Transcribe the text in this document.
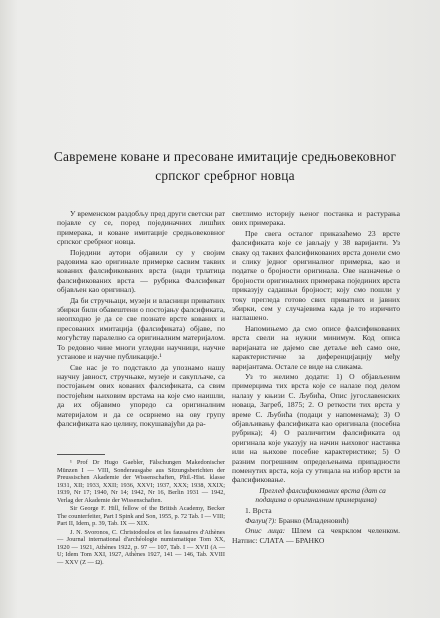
Савремене коване и пресоване имитације средњовековног
српског сребрног новца

У временском раздобљу пред други светски рат појавле су се, поред појединачних лишћих примерака, и коване имитације средњовековног српског сребрног новца.

Поједини аутори објавили су у својим радовима као оригинале примерке сасвим таквих кованих фалсификованих врста (нади трлатица фалсификованих врста — рубрика Фалсификат објављен као оригинал).

Да би стручњаци, музеји и власници приватних збирки били обавештени о постојању фалсификата, неопходно је да се све познате врсте кованих и пресованих имитација (фалсификата) објаве, по могућству паралелно са оригиналним материјалом. То редовно чине многи угледни научници, научне установе и научне публикације.¹

Све нас је то подстакло да упознамо нашу научну јавност, стручњаке, музеје и сакупљаче, са постојањем ових кованих фалсификата, са свим постојећим њиховим врстама на које смо наишли, да их објавимо упоредо са оригиналним материјалом и да се осврнемо на ову групу фалсификата као целину, покушавајући да ра-

¹ Prof Dr Hugo Gaebler, Fälschungen Makedonischer Münzen I — VIII, Sonderausgabe aus Sitzungsberichten der Preussischen Akademie der Wissenschaften, Phil.-Hist. klasse 1931, XII; 1933, XXII; 1936, XXVI; 1937, XXX; 1938, XXIX; 1939, Nr 17; 1940, Nr 14; 1942, Nr 16, Berlin 1931 — 1942, Verlag der Akademie der Wissenschaften.

Sir George F. Hill, fellow of the British Academy, Becker The counterfeiter, Part I Spink and Son, 1955, p. 72 Tab. I — VIII; Part II, Idem, p. 39, Tab. IX — XIX.

J. N. Svoronos, C. Christodoulos et les faussaires d'Athènes — Journal international d'archéologie numismatique Tom XX, 1920 — 1921, Athènes 1922, p. 97 — 107, Tab. I — XVII (A — U; Idem Tom XXI, 1927, Athènes 1927, 141 — 146, Tab. XVIII — XXV (Z — Ω).

светлимо историју њеног постанка и растурања ових примерака.

Пре свега осталог приказаћемо 23 врсте фалсификата које се јављају у 38 варијанти. Уз сваку од таквих фалсификованих врста донели смо и слику једног оригиналног примерка, као и податке о бројности оригинала. Ове назначење о бројности оригиналних примерака појединих врста приказују садашњи бројност; коју смо пошли у току прегледа готово свих приватних и јавних збирки, сем у случајевима када је то изричито наглашено.

Напомињемо да смо описе фалсификованих врста свели на нужни минимум. Код описа варијаната не дајемо све детаље већ само оне, карактеристичне за диференцијацију међу варијантама. Остале се виде на сликама.

Уз то желимо додати: 1) О објављеним примерцима тих врста које се налазе под делом налазу у књизи С. Љубића, Опис југославенских новаца, Загреб, 1875; 2. О реткости тих врста у време С. Љубића (подаци у напоменама); 3) О објављивању фалсификата као оригинала (посебна рубрика); 4) О различитим фалсификата од оригинала које указују на начин њиховог настанка или на њихове посебне карактеристике; 5) О разним погрешним опредељењима припадности поменутих врста, која су утицала на избор врсти за фалсификовање.

Преглед фалсификованих врста (дат са подацима о оригиналним примерцима)

1. Врста

Фалуи(?): Бранко (Младеновић)

Опис лица: Шлем са чекрклом челенком. Натпис: СЛАТА — БРАНКО
